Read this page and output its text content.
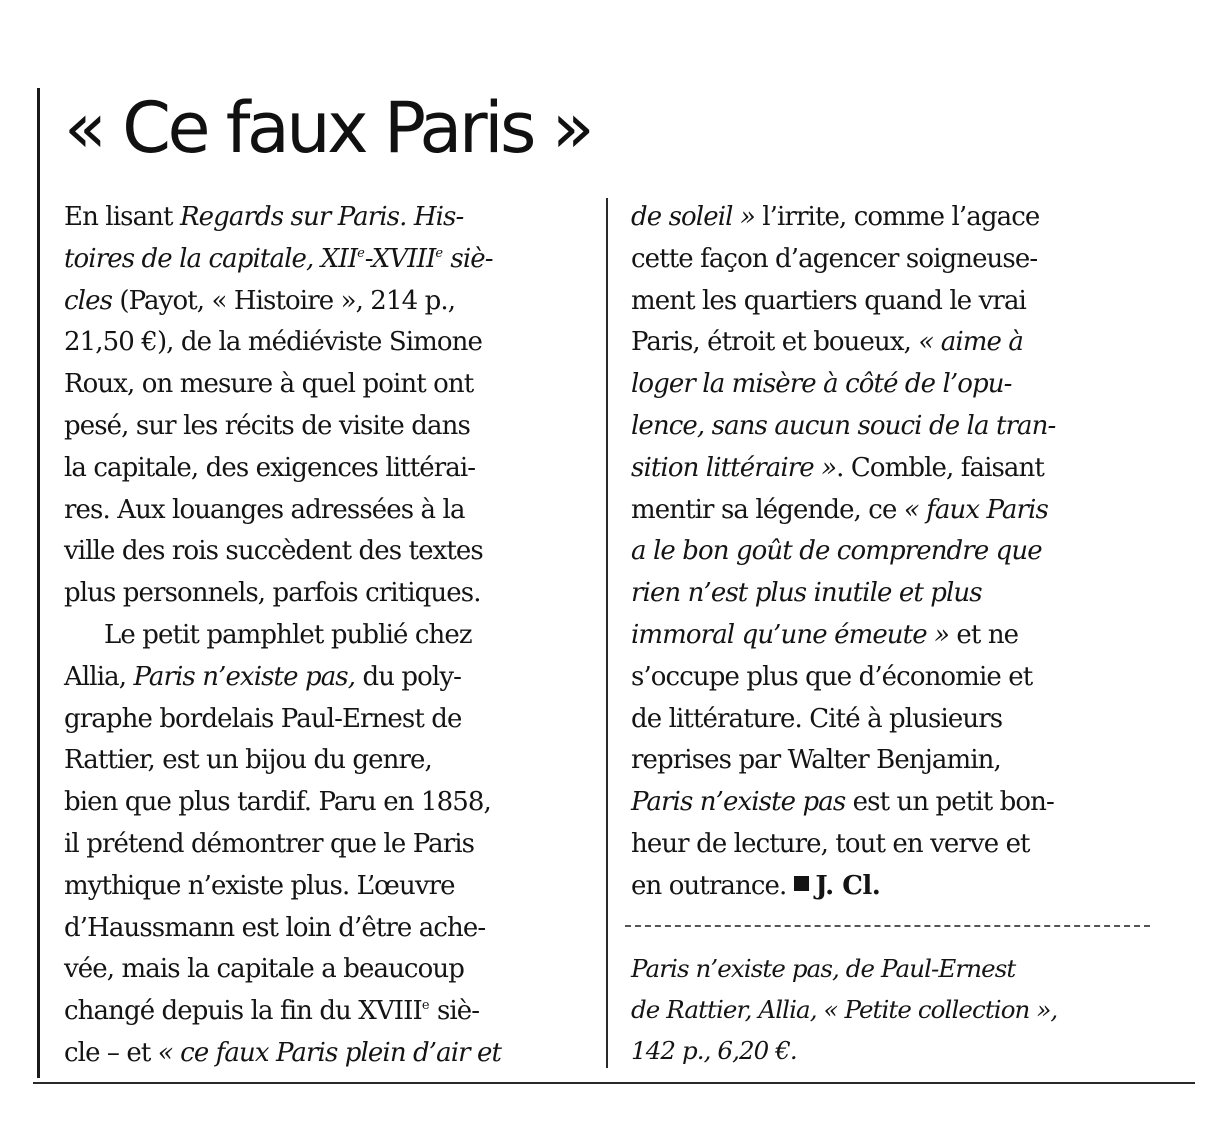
« Ce faux Paris »
En lisant Regards sur Paris. His-
toires de la capitale, XIIe-XVIIIe siè-
cles (Payot, « Histoire », 214 p.,
21,50 €), de la médiéviste Simone
Roux, on mesure à quel point ont
pesé, sur les récits de visite dans
la capitale, des exigences littérai-
res. Aux louanges adressées à la
ville des rois succèdent des textes
plus personnels, parfois critiques.
Le petit pamphlet publié chez
Allia, Paris n’existe pas, du poly-
graphe bordelais Paul-Ernest de
Rattier, est un bijou du genre,
bien que plus tardif. Paru en 1858,
il prétend démontrer que le Paris
mythique n’existe plus. L’œuvre
d’Haussmann est loin d’être ache-
vée, mais la capitale a beaucoup
changé depuis la fin du XVIIIe siè-
cle – et « ce faux Paris plein d’air et
de soleil » l’irrite, comme l’agace
cette façon d’agencer soigneuse-
ment les quartiers quand le vrai
Paris, étroit et boueux, « aime à
loger la misère à côté de l’opu-
lence, sans aucun souci de la tran-
sition littéraire ». Comble, faisant
mentir sa légende, ce « faux Paris
a le bon goût de comprendre que
rien n’est plus inutile et plus
immoral qu’une émeute » et ne
s’occupe plus que d’économie et
de littérature. Cité à plusieurs
reprises par Walter Benjamin,
Paris n’existe pas est un petit bon-
heur de lecture, tout en verve et
en outrance. J. Cl.
Paris n’existe pas, de Paul-Ernest
de Rattier, Allia, « Petite collection »,
142 p., 6,20 €.
